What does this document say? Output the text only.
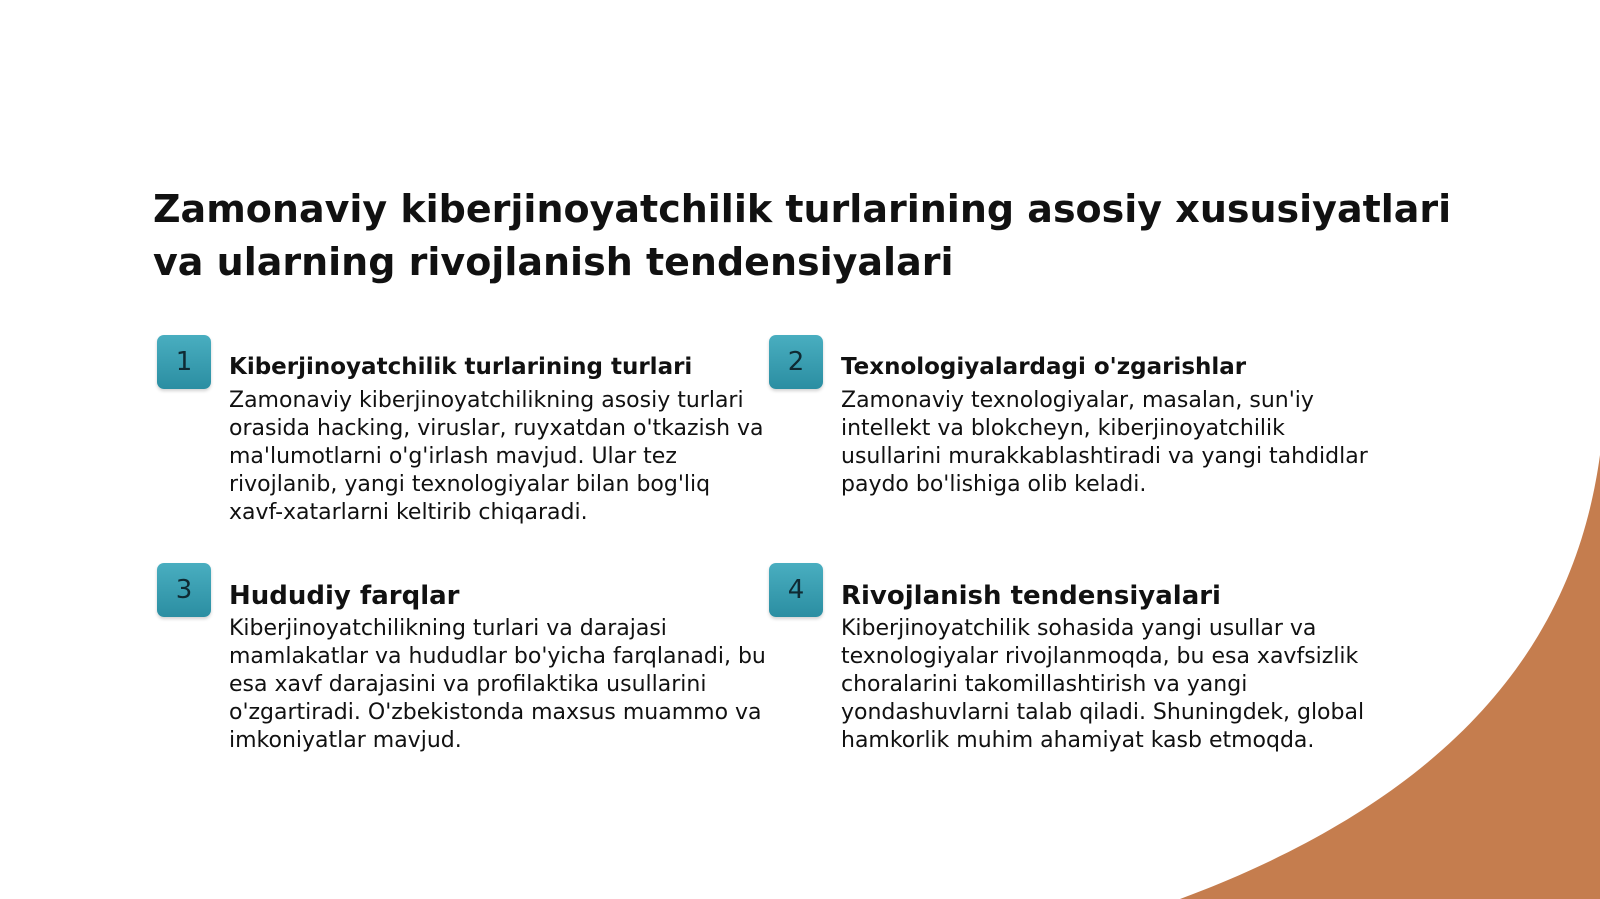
Zamonaviy kiberjinoyatchilik turlarining asosiy xususiyatlari va ularning rivojlanish tendensiyalari
1	Kiberjinoyatchilik turlarining turlari
Zamonaviy kiberjinoyatchilikning asosiy turlari orasida hacking, viruslar, ruyxatdan o'tkazish va ma'lumotlarni o'g'irlash mavjud. Ular tez rivojlanib, yangi texnologiyalar bilan bog'liq xavf-xatarlarni keltirib chiqaradi.
2	Texnologiyalardagi o'zgarishlar
Zamonaviy texnologiyalar, masalan, sun'iy intellekt va blokcheyn, kiberjinoyatchilik usullarini murakkablashtiradi va yangi tahdidlar paydo bo'lishiga olib keladi.
3	Hududiy farqlar
Kiberjinoyatchilikning turlari va darajasi mamlakatlar va hududlar bo'yicha farqlanadi, bu esa xavf darajasini va profilaktika usullarini o'zgartiradi. O'zbekistonda maxsus muammo va imkoniyatlar mavjud.
4	Rivojlanish tendensiyalari
Kiberjinoyatchilik sohasida yangi usullar va texnologiyalar rivojlanmoqda, bu esa xavfsizlik choralarini takomillashtirish va yangi yondashuvlarni talab qiladi. Shuningdek, global hamkorlik muhim ahamiyat kasb etmoqda.
